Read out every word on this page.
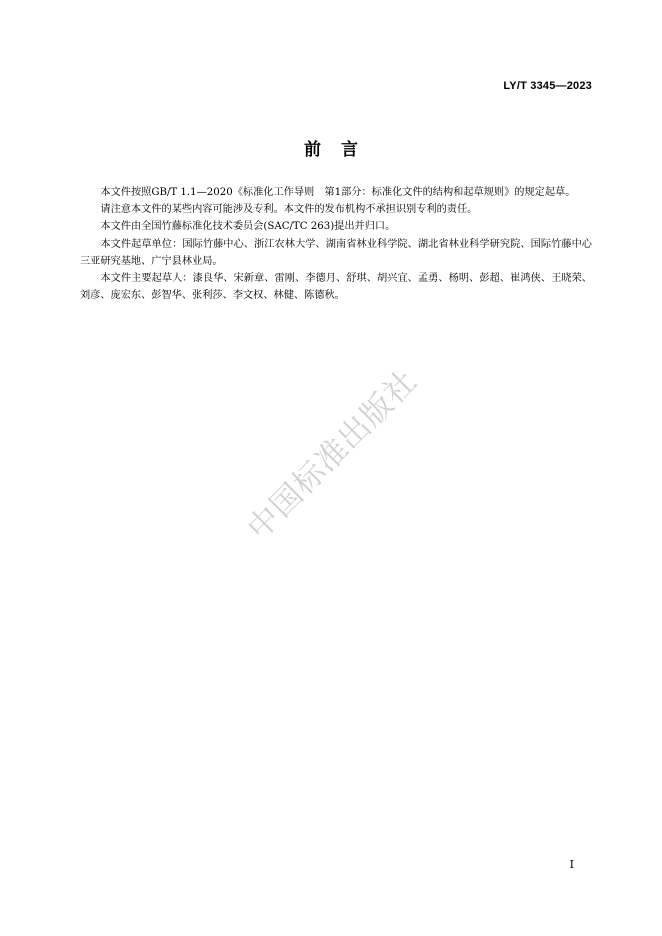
LY/T 3345—2023
前言

本文件按照GB/T 1.1—2020《标准化工作导则　第1部分：标准化文件的结构和起草规则》的规定起草。

请注意本文件的某些内容可能涉及专利。本文件的发布机构不承担识别专利的责任。

本文件由全国竹藤标准化技术委员会(SAC/TC 263)提出并归口。

本文件起草单位：国际竹藤中心、浙江农林大学、湖南省林业科学院、湖北省林业科学研究院、国际竹藤中心三亚研究基地、广宁县林业局。

本文件主要起草人：漆良华、宋新章、雷刚、李德月、舒琪、胡兴宜、孟勇、杨明、彭超、崔鸿侠、王晓荣、刘彦、庞宏东、彭智华、张利莎、李文权、林健、陈德秋。

中国标准出版社
I
